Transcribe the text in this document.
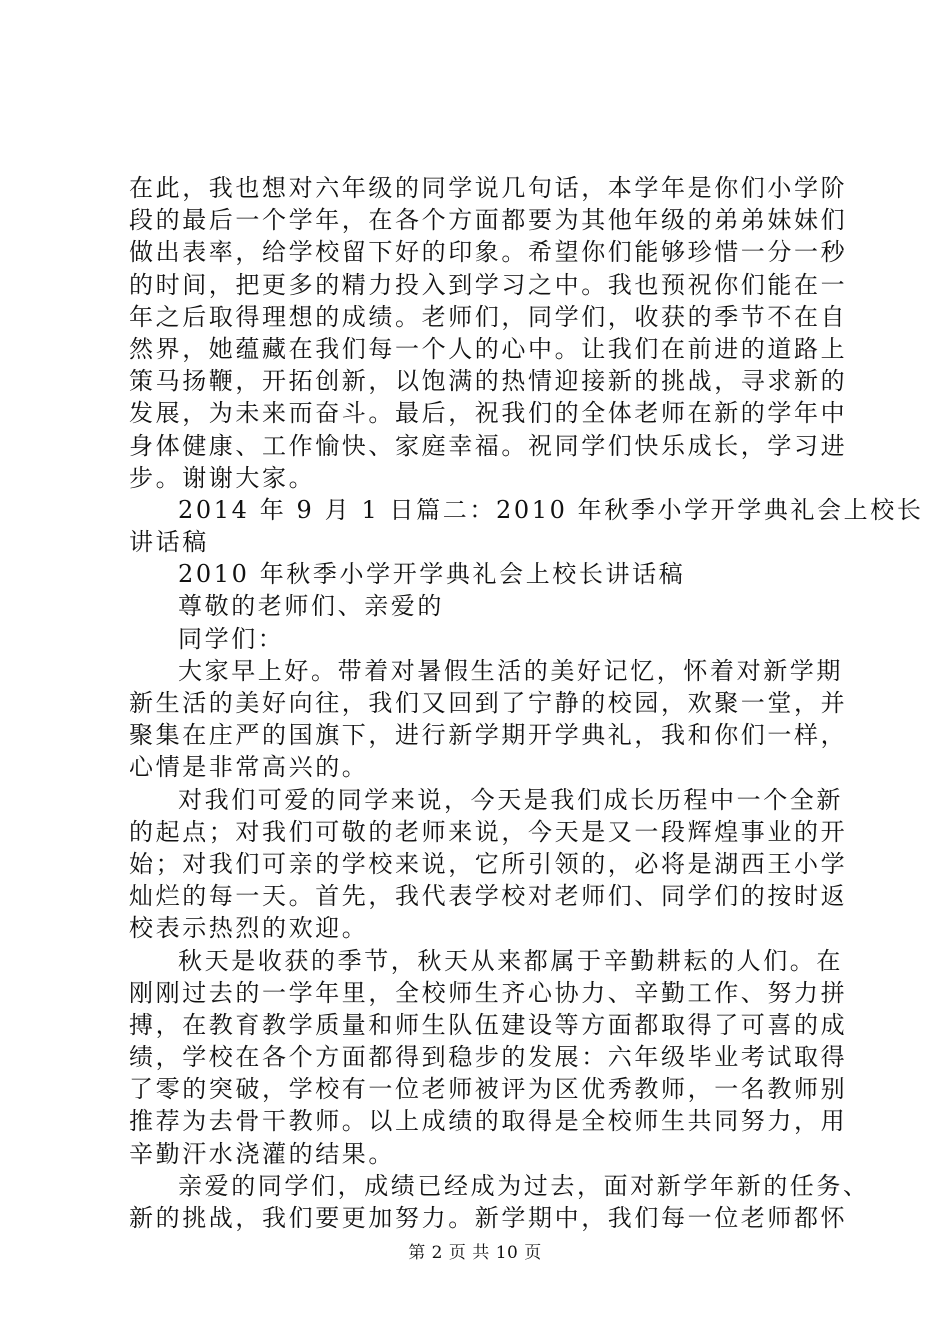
在此，我也想对六年级的同学说几句话，本学年是你们小学阶
段的最后一个学年，在各个方面都要为其他年级的弟弟妹妹们
做出表率，给学校留下好的印象。希望你们能够珍惜一分一秒
的时间，把更多的精力投入到学习之中。我也预祝你们能在一
年之后取得理想的成绩。老师们，同学们，收获的季节不在自
然界，她蕴藏在我们每一个人的心中。让我们在前进的道路上
策马扬鞭，开拓创新，以饱满的热情迎接新的挑战，寻求新的
发展，为未来而奋斗。最后，祝我们的全体老师在新的学年中
身体健康、工作愉快、家庭幸福。祝同学们快乐成长，学习进
步。谢谢大家。
2014 年 9 月 1 日篇二：2010 年秋季小学开学典礼会上校长
讲话稿
2010 年秋季小学开学典礼会上校长讲话稿
尊敬的老师们、亲爱的
同学们：
大家早上好。带着对暑假生活的美好记忆，怀着对新学期
新生活的美好向往，我们又回到了宁静的校园，欢聚一堂，并
聚集在庄严的国旗下，进行新学期开学典礼，我和你们一样，
心情是非常高兴的。
对我们可爱的同学来说，今天是我们成长历程中一个全新
的起点；对我们可敬的老师来说，今天是又一段辉煌事业的开
始；对我们可亲的学校来说，它所引领的，必将是湖西王小学
灿烂的每一天。首先，我代表学校对老师们、同学们的按时返
校表示热烈的欢迎。
秋天是收获的季节，秋天从来都属于辛勤耕耘的人们。在
刚刚过去的一学年里，全校师生齐心协力、辛勤工作、努力拼
搏，在教育教学质量和师生队伍建设等方面都取得了可喜的成
绩，学校在各个方面都得到稳步的发展：六年级毕业考试取得
了零的突破，学校有一位老师被评为区优秀教师，一名教师别
推荐为去骨干教师。以上成绩的取得是全校师生共同努力，用
辛勤汗水浇灌的结果。
亲爱的同学们，成绩已经成为过去，面对新学年新的任务、
新的挑战，我们要更加努力。新学期中，我们每一位老师都怀
第 2 页 共 10 页
